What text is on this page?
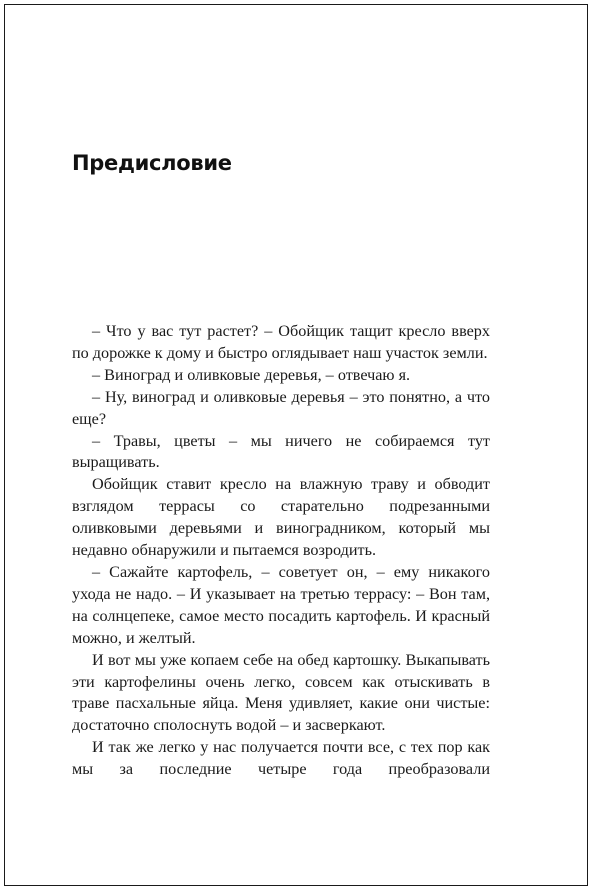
Предисловие

– Что у вас тут растет? – Обойщик тащит кресло вверх по дорожке к дому и быстро оглядывает наш участок земли.

– Виноград и оливковые деревья, – отвечаю я.

– Ну, виноград и оливковые деревья – это понятно, а что еще?

– Травы, цветы – мы ничего не собираемся тут выращивать.

Обойщик ставит кресло на влажную траву и обводит взглядом террасы со старательно подрезанными оливковыми деревьями и виноградником, который мы недавно обнаружили и пытаемся возродить.

– Сажайте картофель, – советует он, – ему никакого ухода не надо. – И указывает на третью террасу: – Вон там, на солнцепеке, самое место посадить картофель. И красный можно, и желтый.

И вот мы уже копаем себе на обед картошку. Выкапывать эти картофелины очень легко, совсем как отыскивать в траве пасхальные яйца. Меня удивляет, какие они чистые: достаточно сполоснуть водой – и засверкают.

И так же легко у нас получается почти все, с тех пор как мы за последние четыре года преобразовали
